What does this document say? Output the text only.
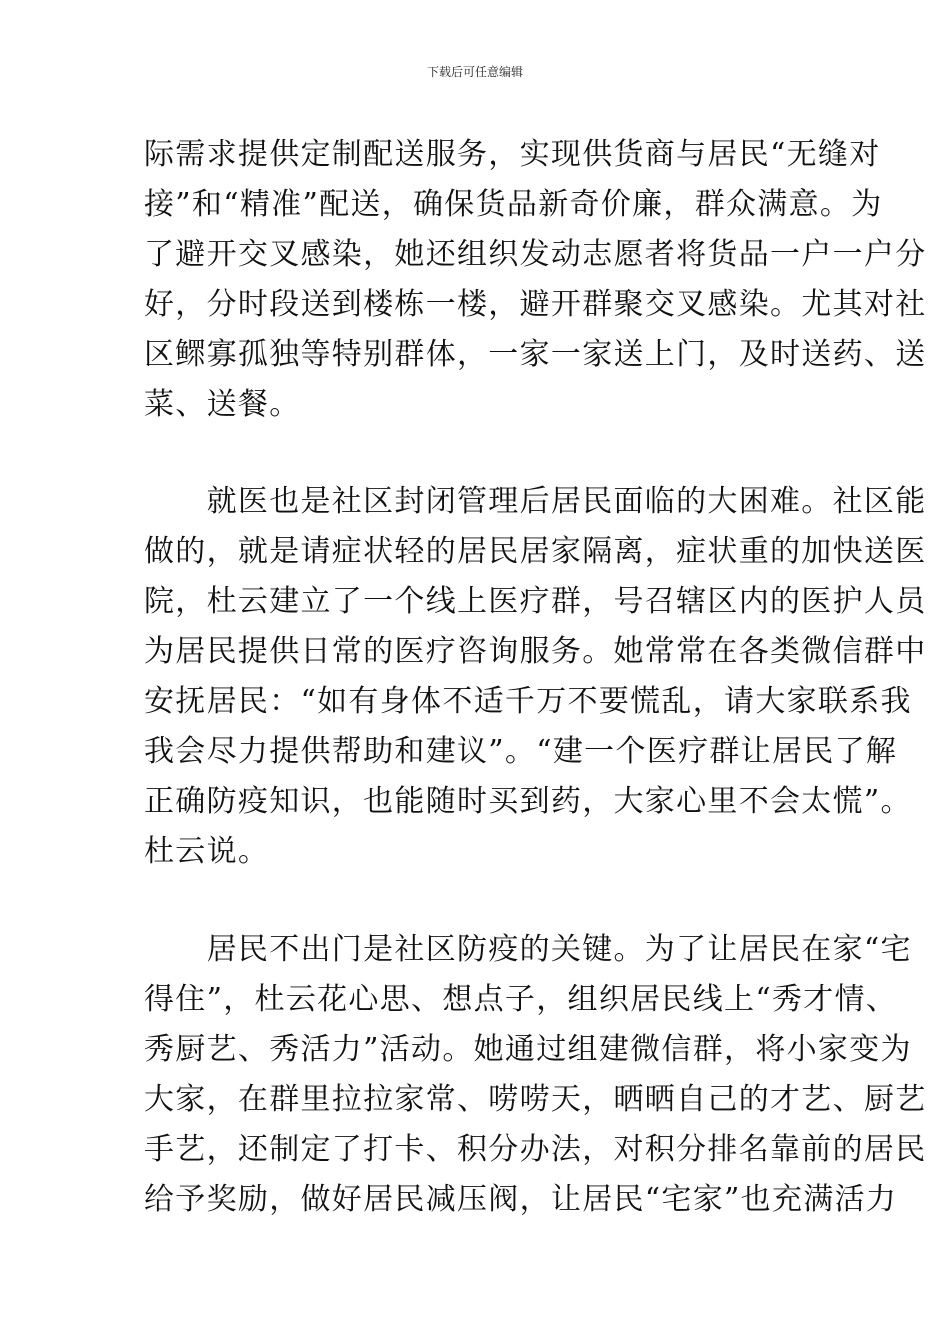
下载后可任意编辑
际需求提供定制配送服务，实现供货商与居民“无缝对
接”和“精准”配送，确保货品新奇价廉，群众满意。为
了避开交叉感染，她还组织发动志愿者将货品一户一户分
好，分时段送到楼栋一楼，避开群聚交叉感染。尤其对社
区鳏寡孤独等特别群体，一家一家送上门，及时送药、送
菜、送餐。
　　就医也是社区封闭管理后居民面临的大困难。社区能
做的，就是请症状轻的居民居家隔离，症状重的加快送医
院，杜云建立了一个线上医疗群，号召辖区内的医护人员
为居民提供日常的医疗咨询服务。她常常在各类微信群中
安抚居民：“如有身体不适千万不要慌乱，请大家联系我
我会尽力提供帮助和建议”。“建一个医疗群让居民了解
正确防疫知识，也能随时买到药，大家心里不会太慌”。
杜云说。
　　居民不出门是社区防疫的关键。为了让居民在家“宅
得住”，杜云花心思、想点子，组织居民线上“秀才情、
秀厨艺、秀活力”活动。她通过组建微信群，将小家变为
大家，在群里拉拉家常、唠唠天，晒晒自己的才艺、厨艺
手艺，还制定了打卡、积分办法，对积分排名靠前的居民
给予奖励，做好居民减压阀，让居民“宅家”也充满活力
